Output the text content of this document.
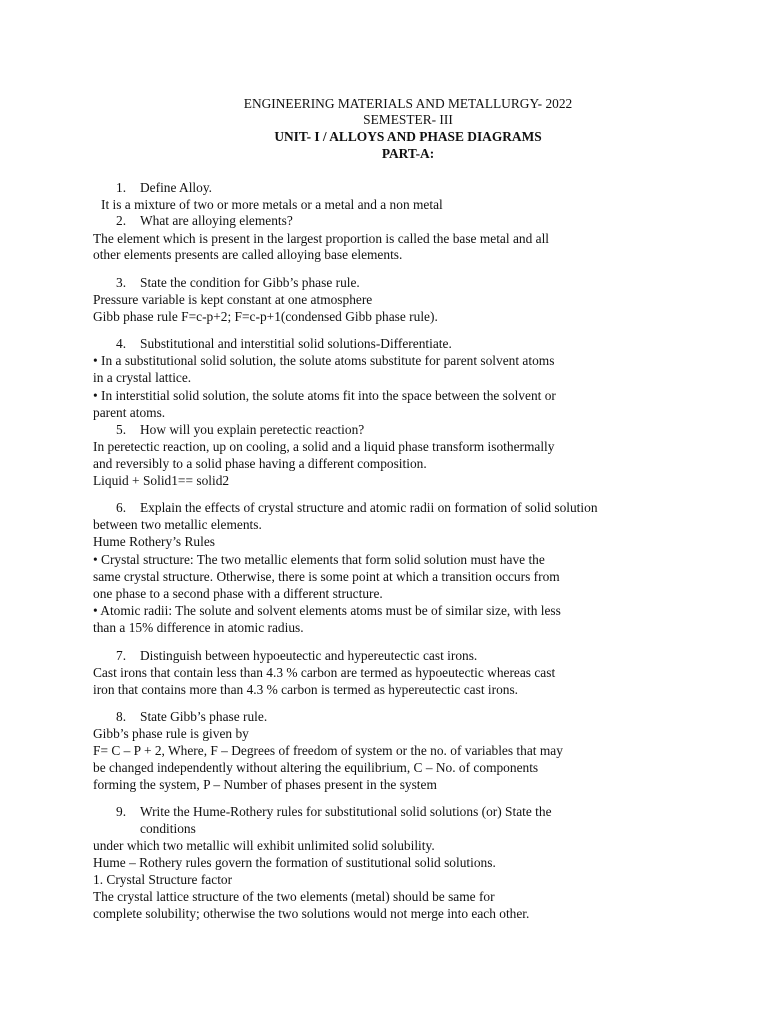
ENGINEERING MATERIALS AND METALLURGY- 2022
SEMESTER- III
UNIT- I / ALLOYS AND PHASE DIAGRAMS
PART-A:
1. Define Alloy.
It is a mixture of two or more metals or a metal and a non metal
2. What are alloying elements?
The element which is present in the largest proportion is called the base metal and all
other elements presents are called alloying base elements.
3. State the condition for Gibb’s phase rule.
Pressure variable is kept constant at one atmosphere
Gibb phase rule F=c-p+2; F=c-p+1(condensed Gibb phase rule).
4. Substitutional and interstitial solid solutions-Differentiate.
• In a substitutional solid solution, the solute atoms substitute for parent solvent atoms
in a crystal lattice.
• In interstitial solid solution, the solute atoms fit into the space between the solvent or
parent atoms.
5. How will you explain peretectic reaction?
In peretectic reaction, up on cooling, a solid and a liquid phase transform isothermally
and reversibly to a solid phase having a different composition.
Liquid + Solid1== solid2
6. Explain the effects of crystal structure and atomic radii on formation of solid solution
between two metallic elements.
Hume Rothery’s Rules
• Crystal structure: The two metallic elements that form solid solution must have the
same crystal structure. Otherwise, there is some point at which a transition occurs from
one phase to a second phase with a different structure.
• Atomic radii: The solute and solvent elements atoms must be of similar size, with less
than a 15% difference in atomic radius.
7. Distinguish between hypoeutectic and hypereutectic cast irons.
Cast irons that contain less than 4.3 % carbon are termed as hypoeutectic whereas cast
iron that contains more than 4.3 % carbon is termed as hypereutectic cast irons.
8. State Gibb’s phase rule.
Gibb’s phase rule is given by
F= C – P + 2, Where, F – Degrees of freedom of system or the no. of variables that may
be changed independently without altering the equilibrium, C – No. of components
forming the system, P – Number of phases present in the system
9. Write the Hume-Rothery rules for substitutional solid solutions (or) State the
conditions
under which two metallic will exhibit unlimited solid solubility.
Hume – Rothery rules govern the formation of sustitutional solid solutions.
1. Crystal Structure factor
The crystal lattice structure of the two elements (metal) should be same for
complete solubility; otherwise the two solutions would not merge into each other.
